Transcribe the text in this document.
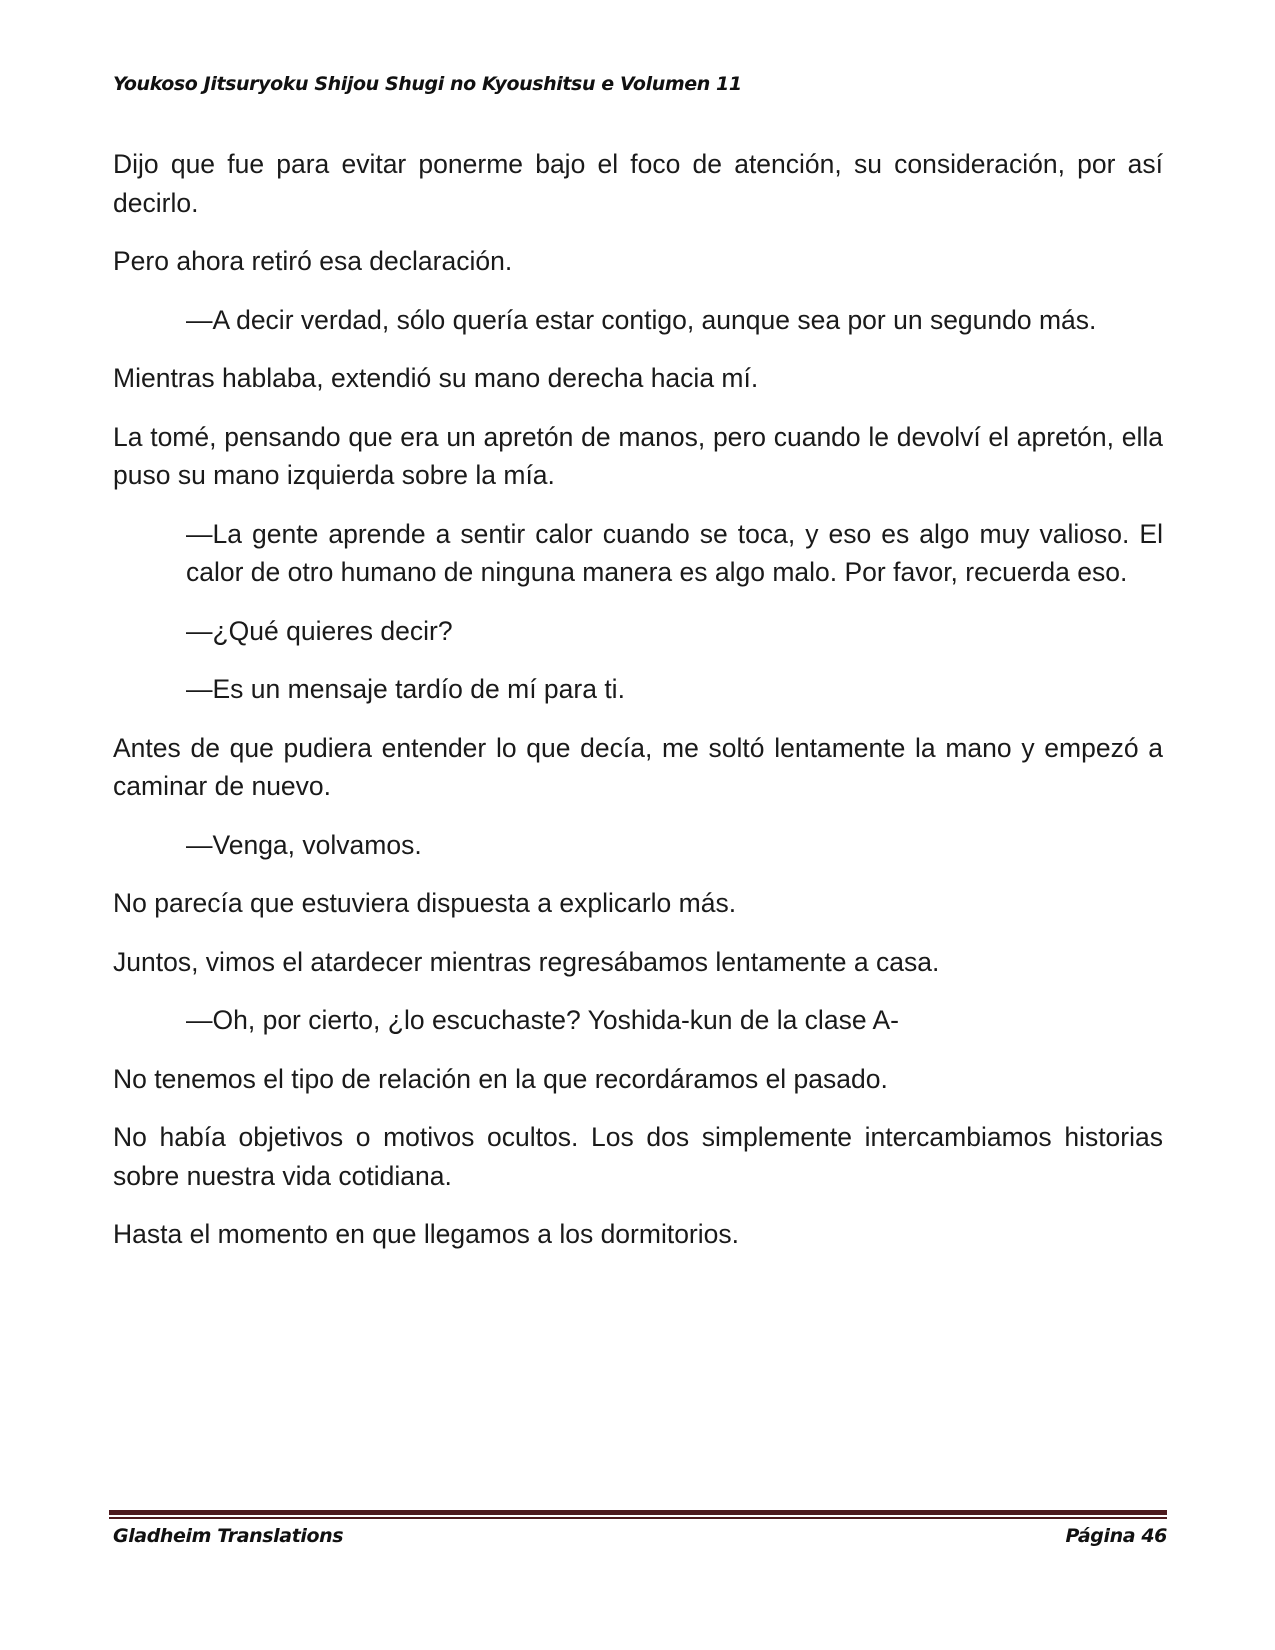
Youkoso Jitsuryoku Shijou Shugi no Kyoushitsu e Volumen 11

Dijo que fue para evitar ponerme bajo el foco de atención, su consideración, por así decirlo.

Pero ahora retiró esa declaración.

—A decir verdad, sólo quería estar contigo, aunque sea por un segundo más.

Mientras hablaba, extendió su mano derecha hacia mí.

La tomé, pensando que era un apretón de manos, pero cuando le devolví el apretón, ella puso su mano izquierda sobre la mía.

—La gente aprende a sentir calor cuando se toca, y eso es algo muy valioso. El calor de otro humano de ninguna manera es algo malo. Por favor, recuerda eso.

—¿Qué quieres decir?

—Es un mensaje tardío de mí para ti.

Antes de que pudiera entender lo que decía, me soltó lentamente la mano y empezó a caminar de nuevo.

—Venga, volvamos.

No parecía que estuviera dispuesta a explicarlo más.

Juntos, vimos el atardecer mientras regresábamos lentamente a casa.

—Oh, por cierto, ¿lo escuchaste? Yoshida-kun de la clase A-

No tenemos el tipo de relación en la que recordáramos el pasado.

No había objetivos o motivos ocultos. Los dos simplemente intercambiamos historias sobre nuestra vida cotidiana.

Hasta el momento en que llegamos a los dormitorios.

Gladheim Translations	Página 46
